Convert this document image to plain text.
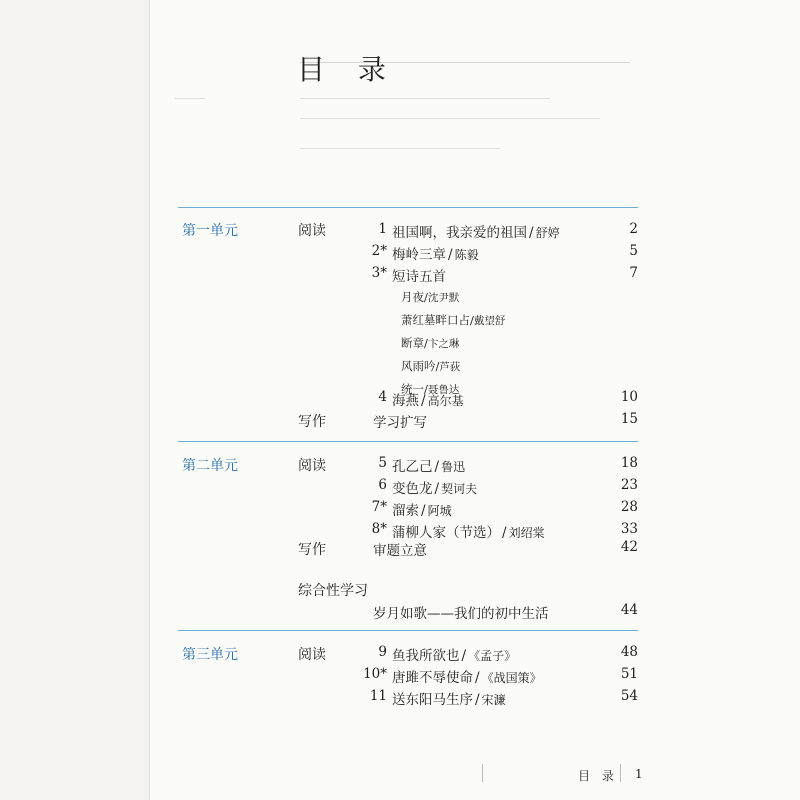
目 录
第一单元	阅读	1 祖国啊，我亲爱的祖国 / 舒婷	2
2* 梅岭三章 / 陈毅	5
3* 短诗五首	7
月夜/沈尹默
萧红墓畔口占/戴望舒
断章/卞之琳
风雨吟/芦荻
统一/聂鲁达
4 海燕 / 高尔基	10
写作	学习扩写	15
第二单元	阅读	5 孔乙己 / 鲁迅	18
6 变色龙 / 契诃夫	23
7* 溜索 / 阿城	28
8* 蒲柳人家（节选） / 刘绍棠	33
写作	审题立意	42
综合性学习
岁月如歌——我们的初中生活	44
第三单元	阅读	9 鱼我所欲也 / 《孟子》	48
10* 唐雎不辱使命 / 《战国策》	51
11 送东阳马生序 / 宋濂	54
目 录 1
